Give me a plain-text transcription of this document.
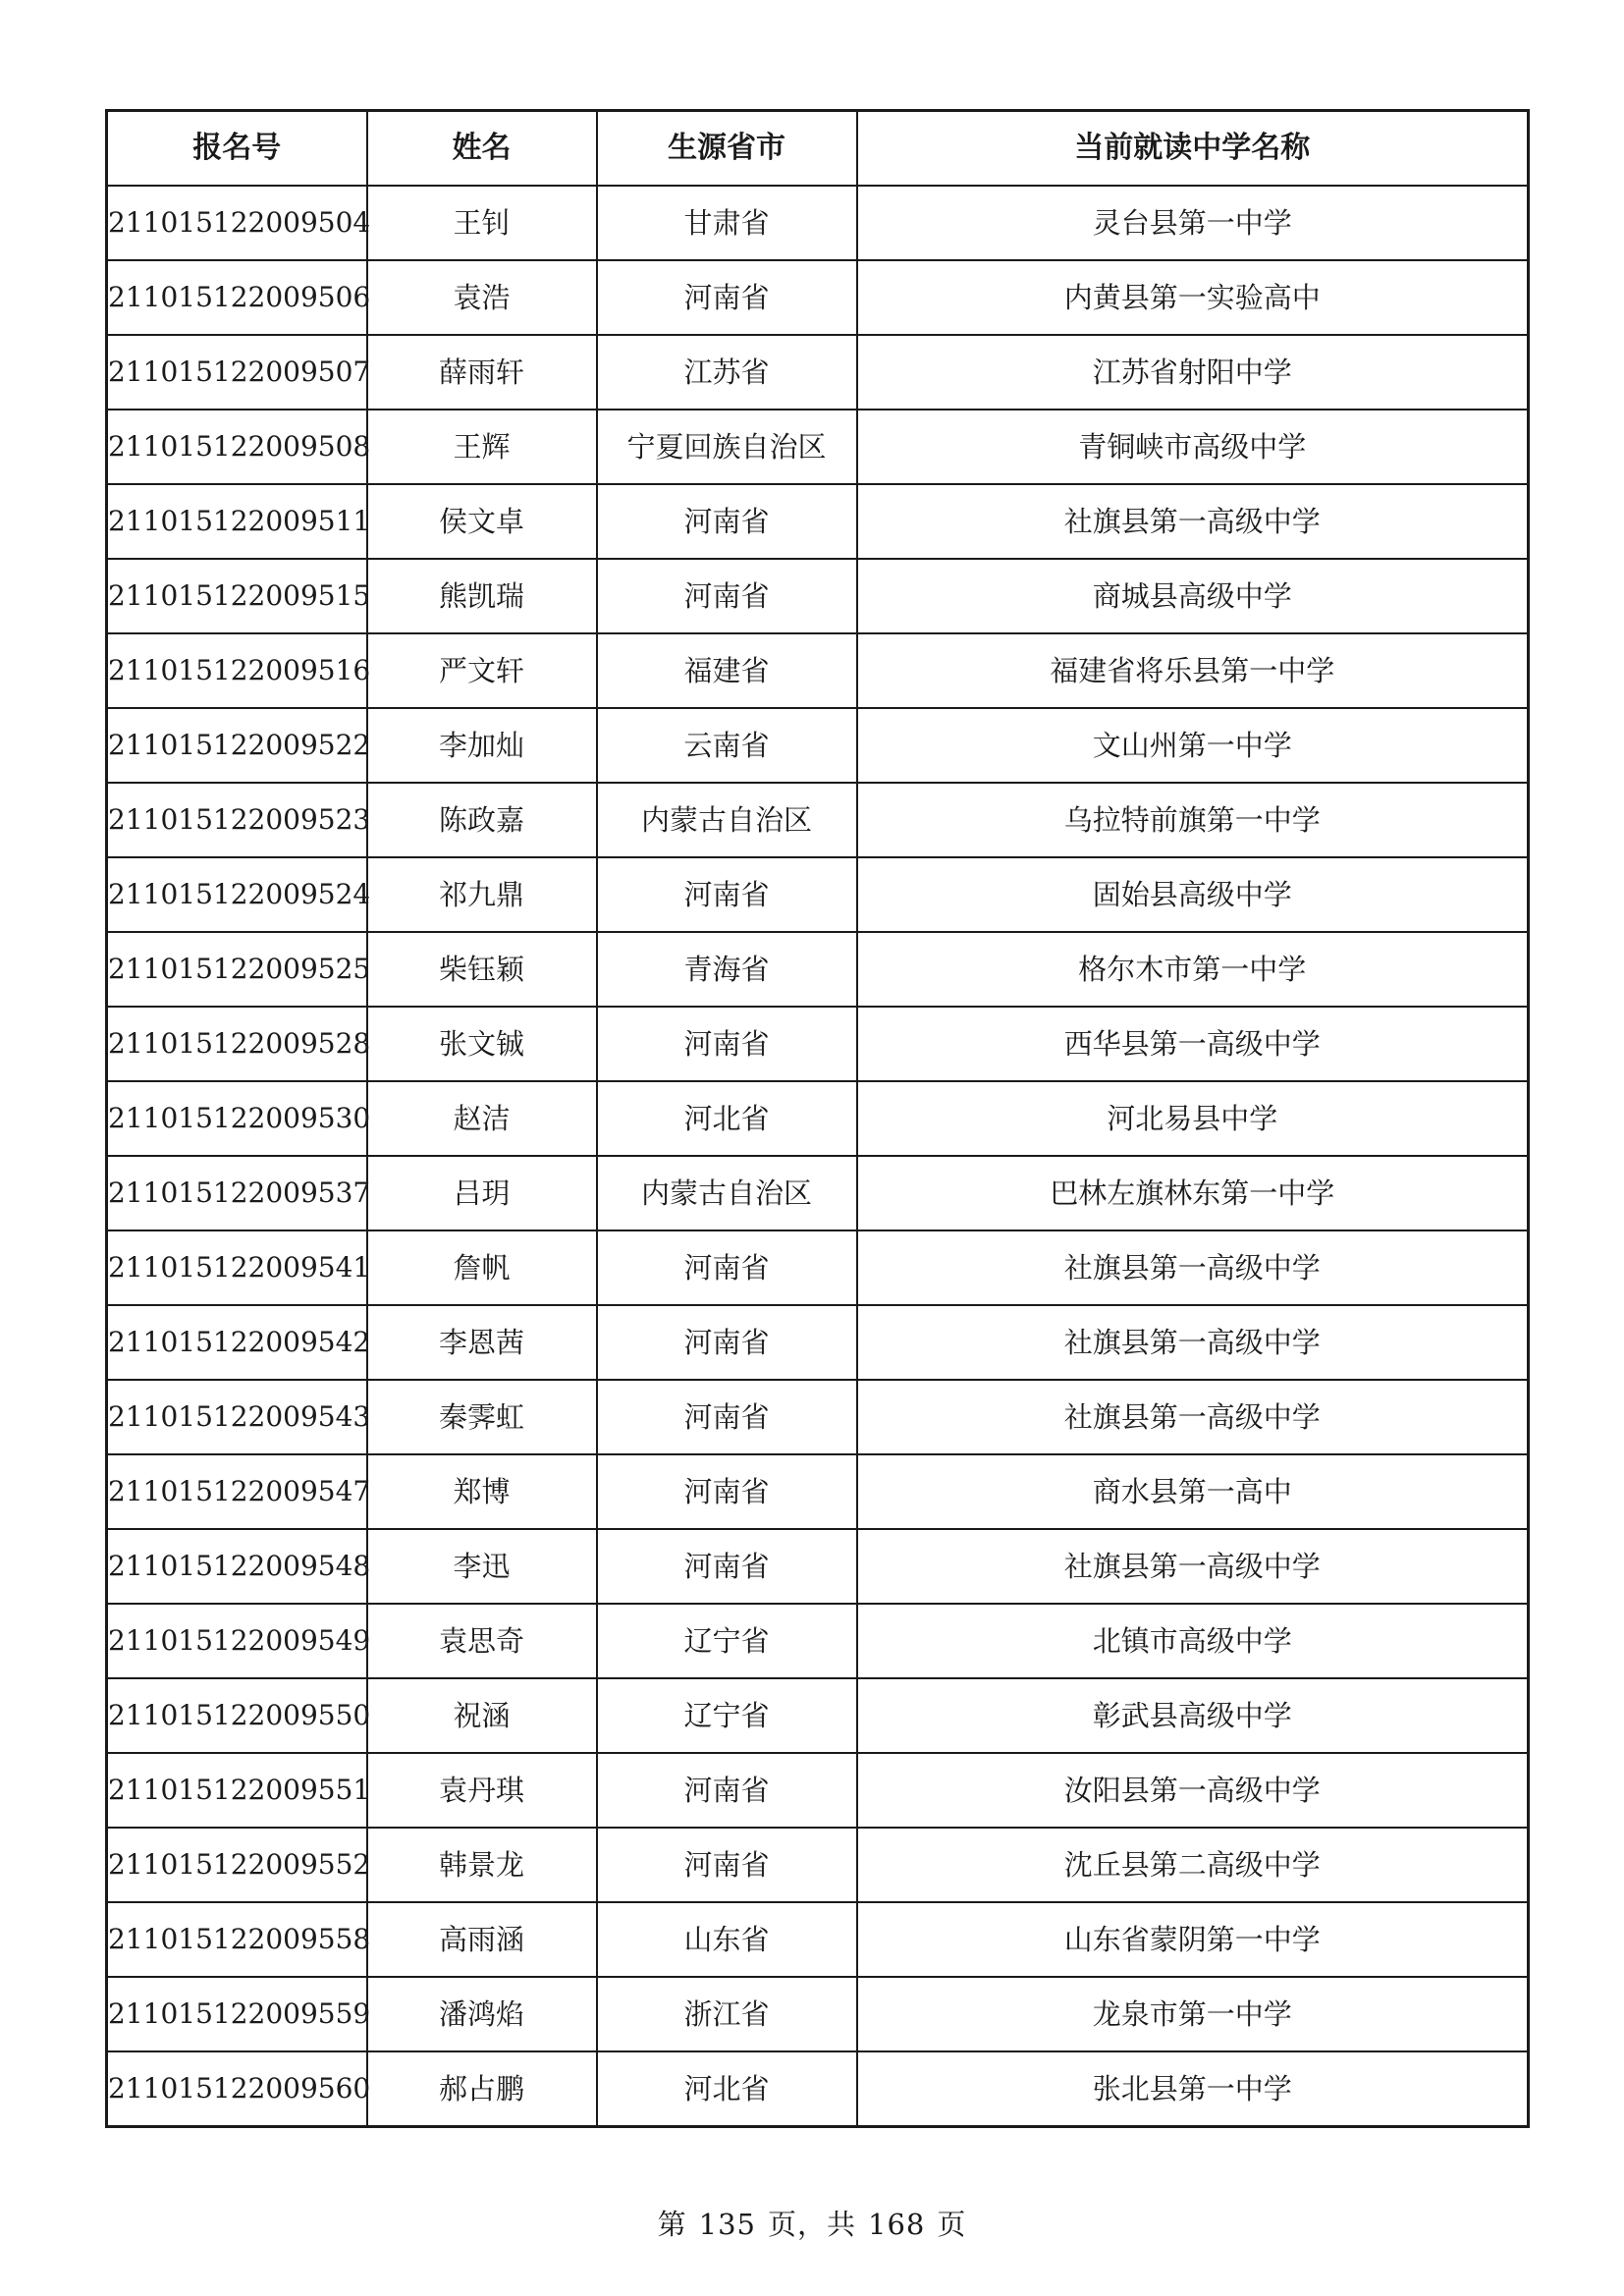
报名号	姓名	生源省市	当前就读中学名称
211015122009504	王钊	甘肃省	灵台县第一中学
211015122009506	袁浩	河南省	内黄县第一实验高中
211015122009507	薛雨轩	江苏省	江苏省射阳中学
211015122009508	王辉	宁夏回族自治区	青铜峡市高级中学
211015122009511	侯文卓	河南省	社旗县第一高级中学
211015122009515	熊凯瑞	河南省	商城县高级中学
211015122009516	严文轩	福建省	福建省将乐县第一中学
211015122009522	李加灿	云南省	文山州第一中学
211015122009523	陈政嘉	内蒙古自治区	乌拉特前旗第一中学
211015122009524	祁九鼎	河南省	固始县高级中学
211015122009525	柴钰颖	青海省	格尔木市第一中学
211015122009528	张文铖	河南省	西华县第一高级中学
211015122009530	赵洁	河北省	河北易县中学
211015122009537	吕玥	内蒙古自治区	巴林左旗林东第一中学
211015122009541	詹帆	河南省	社旗县第一高级中学
211015122009542	李恩茜	河南省	社旗县第一高级中学
211015122009543	秦霁虹	河南省	社旗县第一高级中学
211015122009547	郑博	河南省	商水县第一高中
211015122009548	李迅	河南省	社旗县第一高级中学
211015122009549	袁思奇	辽宁省	北镇市高级中学
211015122009550	祝涵	辽宁省	彰武县高级中学
211015122009551	袁丹琪	河南省	汝阳县第一高级中学
211015122009552	韩景龙	河南省	沈丘县第二高级中学
211015122009558	高雨涵	山东省	山东省蒙阴第一中学
211015122009559	潘鸿焰	浙江省	龙泉市第一中学
211015122009560	郝占鹏	河北省	张北县第一中学
第 135 页，共 168 页
